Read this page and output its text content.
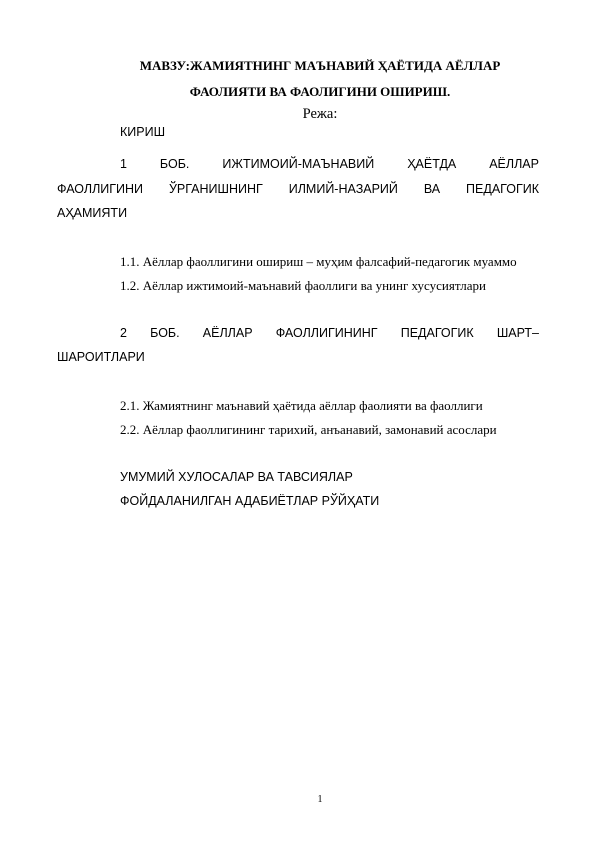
МАВЗУ:ЖАМИЯТНИНГ МАЪНАВИЙ ҲАЁТИДА АЁЛЛАР
ФАОЛИЯТИ ВА ФАОЛИГИНИ ОШИРИШ.
Режа:
КИРИШ
1	БОБ.	ИЖТИМОИЙ-МАЪНАВИЙ	ҲАЁТДА	АЁЛЛАР
ФАОЛЛИГИНИ ЎРГАНИШНИНГ ИЛМИЙ-НАЗАРИЙ ВА ПЕДАГОГИК
АҲАМИЯТИ
1.1. Аёллар фаоллигини ошириш – муҳим фалсафий-педагогик муаммо
1.2. Аёллар ижтимоий-маънавий фаоллиги ва унинг хусусиятлари
2 БОБ. АЁЛЛАР ФАОЛЛИГИНИНГ ПЕДАГОГИК ШАРТ–
ШАРОИТЛАРИ
2.1. Жамиятнинг маънавий ҳаётида аёллар фаолияти ва фаоллиги
2.2. Аёллар фаоллигининг тарихий, анъанавий, замонавий асослари
УМУМИЙ ХУЛОСАЛАР ВА ТАВСИЯЛАР
ФОЙДАЛАНИЛГАН АДАБИЁТЛАР РЎЙҲАТИ
1
